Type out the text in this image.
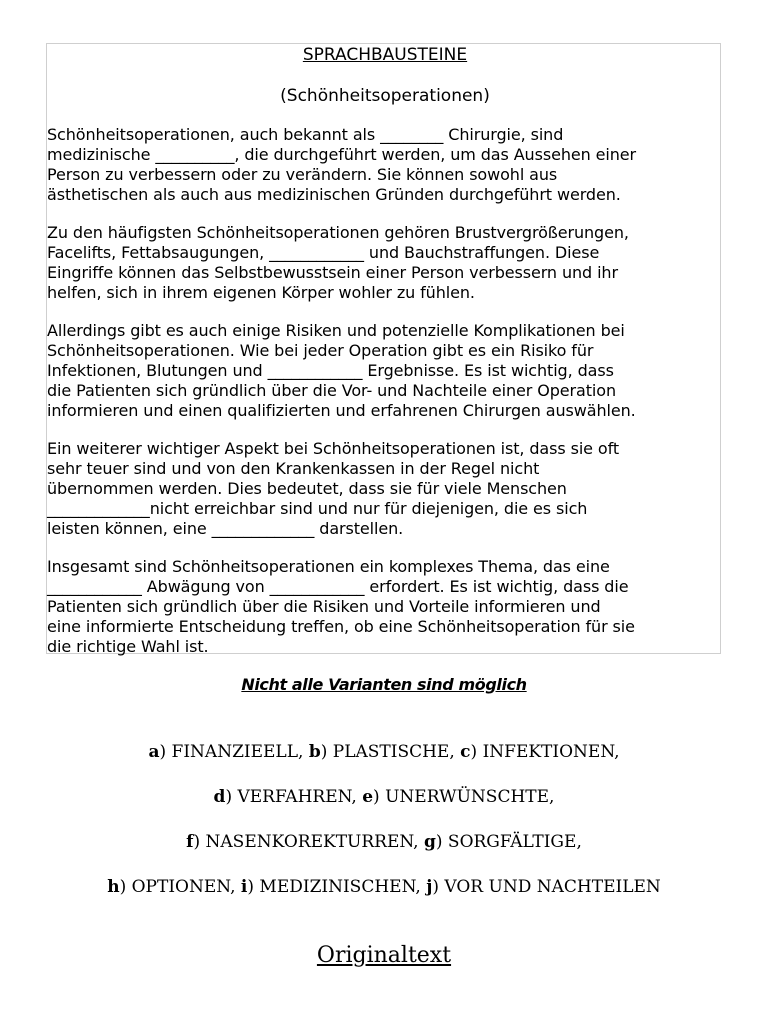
SPRACHBAUSTEINE
(Schönheitsoperationen)
Schönheitsoperationen, auch bekannt als ________ Chirurgie, sind
medizinische __________, die durchgeführt werden, um das Aussehen einer
Person zu verbessern oder zu verändern. Sie können sowohl aus
ästhetischen als auch aus medizinischen Gründen durchgeführt werden.
Zu den häufigsten Schönheitsoperationen gehören Brustvergrößerungen,
Facelifts, Fettabsaugungen, ____________ und Bauchstraffungen. Diese
Eingriffe können das Selbstbewusstsein einer Person verbessern und ihr
helfen, sich in ihrem eigenen Körper wohler zu fühlen.
Allerdings gibt es auch einige Risiken und potenzielle Komplikationen bei
Schönheitsoperationen. Wie bei jeder Operation gibt es ein Risiko für
Infektionen, Blutungen und ____________ Ergebnisse. Es ist wichtig, dass
die Patienten sich gründlich über die Vor- und Nachteile einer Operation
informieren und einen qualifizierten und erfahrenen Chirurgen auswählen.
Ein weiterer wichtiger Aspekt bei Schönheitsoperationen ist, dass sie oft
sehr teuer sind und von den Krankenkassen in der Regel nicht
übernommen werden. Dies bedeutet, dass sie für viele Menschen
_____________nicht erreichbar sind und nur für diejenigen, die es sich
leisten können, eine _____________ darstellen.
Insgesamt sind Schönheitsoperationen ein komplexes Thema, das eine
____________ Abwägung von ____________ erfordert. Es ist wichtig, dass die
Patienten sich gründlich über die Risiken und Vorteile informieren und
eine informierte Entscheidung treffen, ob eine Schönheitsoperation für sie
die richtige Wahl ist.
Nicht alle Varianten sind möglich
a) FINANZIEELL, b) PLASTISCHE, c) INFEKTIONEN,
d) VERFAHREN, e) UNERWÜNSCHTE,
f) NASENKOREKTURREN, g) SORGFÄLTIGE,
h) OPTIONEN, i) MEDIZINISCHEN, j) VOR UND NACHTEILEN
Originaltext
